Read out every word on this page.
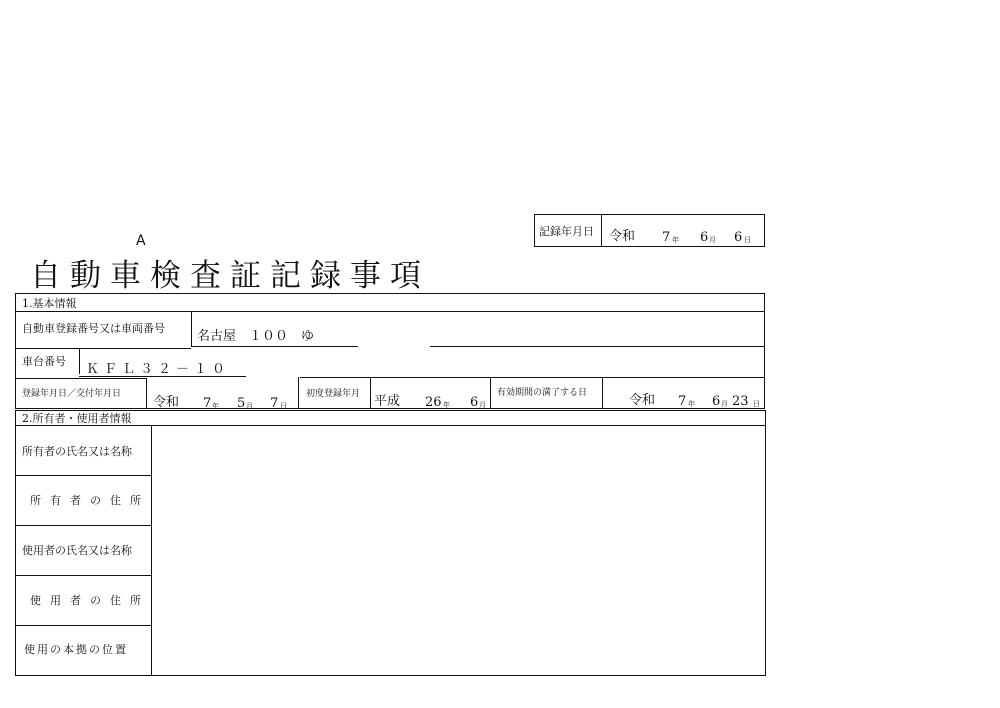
A
自動車検査証記録事項
記録年月日 令和 7 年 6 月 6 日
1.基本情報
自動車登録番号又は車両番号
名古屋　１００　ゆ
車台番号
ＫＦＬ３２－１０
登録年月日／交付年月日
令和 7 年 5 月 7 日
初度登録年月 平成 26 年 6 月
有効期間の満了する日	令和 7 年 6 月 23 日
2.所有者・使用者情報
所有者の氏名又は名称
所有者の住所
使用者の氏名又は名称
使用者の住所
使用の本拠の位置
